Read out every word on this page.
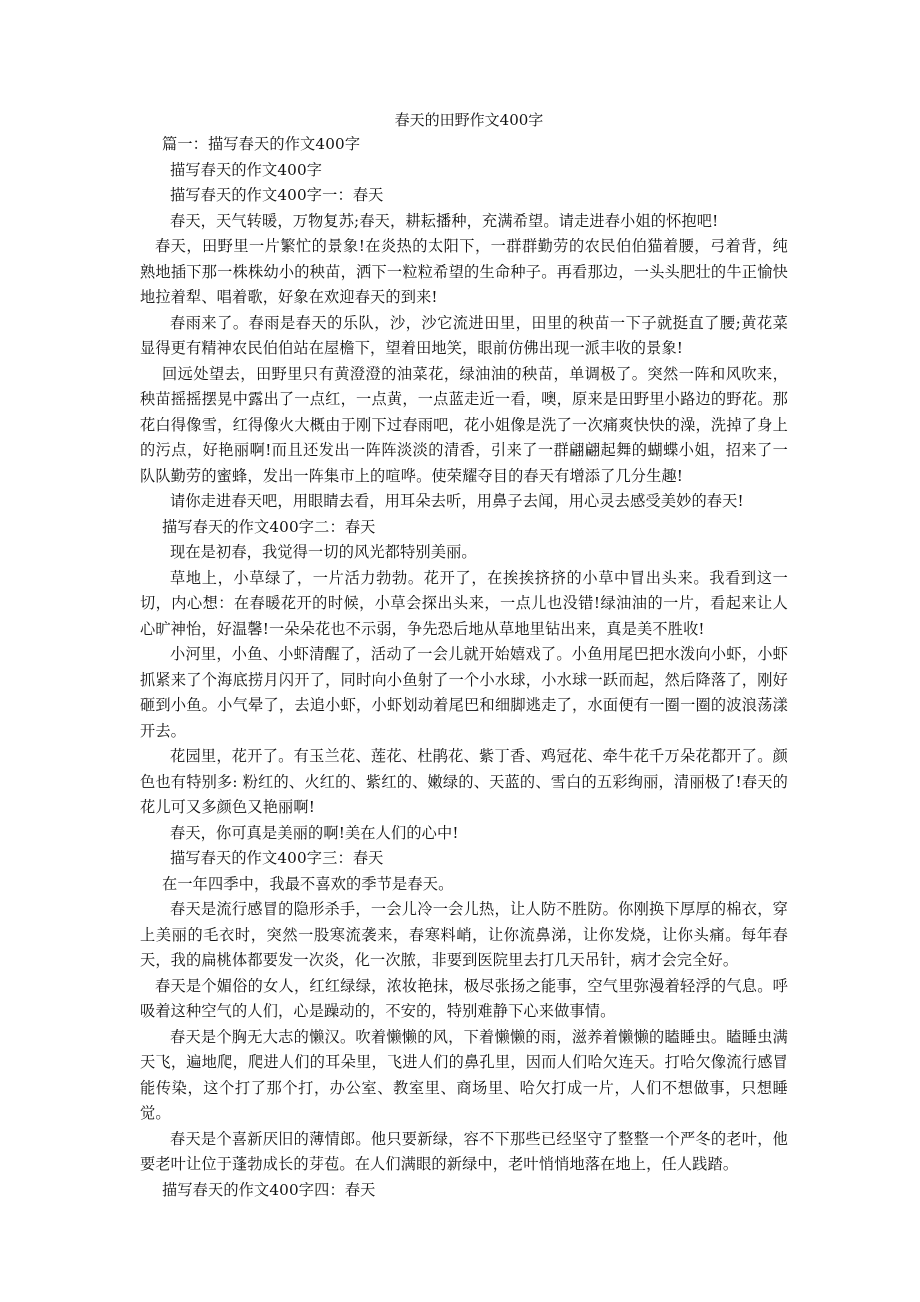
春天的田野作文400字

篇一：描写春天的作文400字

描写春天的作文400字

描写春天的作文400字一：春天

春天，天气转暖，万物复苏;春天，耕耘播种，充满希望。请走进春小姐的怀抱吧!

春天，田野里一片繁忙的景象!在炎热的太阳下，一群群勤劳的农民伯伯猫着腰，弓着背，纯熟地插下那一株株幼小的秧苗，洒下一粒粒希望的生命种子。再看那边，一头头肥壮的牛正愉快地拉着犁、唱着歌，好象在欢迎春天的到来!

春雨来了。春雨是春天的乐队，沙，沙它流进田里，田里的秧苗一下子就挺直了腰;黄花菜显得更有精神农民伯伯站在屋檐下，望着田地笑，眼前仿佛出现一派丰收的景象!

回远处望去，田野里只有黄澄澄的油菜花，绿油油的秧苗，单调极了。突然一阵和风吹来，秧苗摇摇摆晃中露出了一点红，一点黄，一点蓝走近一看，噢，原来是田野里小路边的野花。那花白得像雪，红得像火大概由于刚下过春雨吧，花小姐像是洗了一次痛爽快快的澡，洗掉了身上的污点，好艳丽啊!而且还发出一阵阵淡淡的清香，引来了一群翩翩起舞的蝴蝶小姐，招来了一队队勤劳的蜜蜂，发出一阵集市上的喧哗。使荣耀夺目的春天有增添了几分生趣!

请你走进春天吧，用眼睛去看，用耳朵去听，用鼻子去闻，用心灵去感受美妙的春天!

描写春天的作文400字二：春天

现在是初春，我觉得一切的风光都特别美丽。

草地上，小草绿了，一片活力勃勃。花开了，在挨挨挤挤的小草中冒出头来。我看到这一切，内心想：在春暖花开的时候，小草会探出头来，一点儿也没错!绿油油的一片，看起来让人心旷神怡，好温馨!一朵朵花也不示弱，争先恐后地从草地里钻出来，真是美不胜收!

小河里，小鱼、小虾清醒了，活动了一会儿就开始嬉戏了。小鱼用尾巴把水泼向小虾，小虾抓紧来了个海底捞月闪开了，同时向小鱼射了一个小水球，小水球一跃而起，然后降落了，刚好砸到小鱼。小气晕了，去追小虾，小虾划动着尾巴和细脚逃走了，水面便有一圈一圈的波浪荡漾开去。

花园里，花开了。有玉兰花、莲花、杜鹃花、紫丁香、鸡冠花、牵牛花千万朵花都开了。颜色也有特别多: 粉红的、火红的、紫红的、嫩绿的、天蓝的、雪白的五彩绚丽，清丽极了!春天的花儿可又多颜色又艳丽啊!

春天，你可真是美丽的啊!美在人们的心中!

描写春天的作文400字三：春天

在一年四季中，我最不喜欢的季节是春天。

春天是流行感冒的隐形杀手，一会儿冷一会儿热，让人防不胜防。你刚换下厚厚的棉衣，穿上美丽的毛衣时，突然一股寒流袭来，春寒料峭，让你流鼻涕，让你发烧，让你头痛。每年春天，我的扁桃体都要发一次炎，化一次脓，非要到医院里去打几天吊针，病才会完全好。

春天是个媚俗的女人，红红绿绿，浓妆艳抹，极尽张扬之能事，空气里弥漫着轻浮的气息。呼吸着这种空气的人们，心是躁动的，不安的，特别难静下心来做事情。

春天是个胸无大志的懒汉。吹着懒懒的风，下着懒懒的雨，滋养着懒懒的瞌睡虫。瞌睡虫满天飞，遍地爬，爬进人们的耳朵里，飞进人们的鼻孔里，因而人们哈欠连天。打哈欠像流行感冒能传染，这个打了那个打，办公室、教室里、商场里、哈欠打成一片，人们不想做事，只想睡觉。

春天是个喜新厌旧的薄情郎。他只要新绿，容不下那些已经坚守了整整一个严冬的老叶，他要老叶让位于蓬勃成长的芽苞。在人们满眼的新绿中，老叶悄悄地落在地上，任人践踏。

描写春天的作文400字四：春天
